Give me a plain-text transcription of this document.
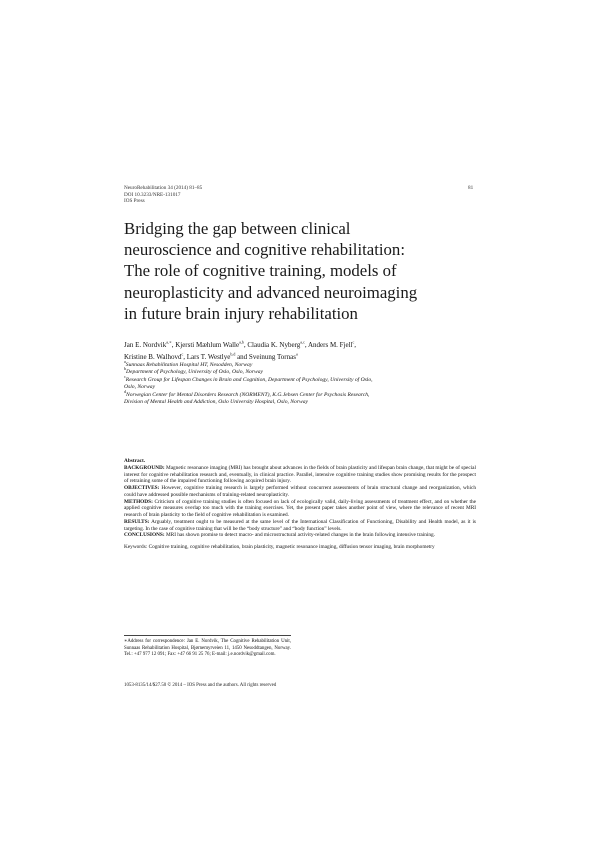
NeuroRehabilitation 34 (2014) 81–85
DOI 10.3233/NRE-131017
IOS Press
81
Bridging the gap between clinical
neuroscience and cognitive rehabilitation:
The role of cognitive training, models of
neuroplasticity and advanced neuroimaging
in future brain injury rehabilitation
Jan E. Nordvik$^{a,∗}$, Kjersti Mæhlum Walle$^{a,b}$, Claudia K. Nyberg$^{a,c}$, Anders M. Fjell$^c$,
Kristine B. Walhovd$^c$, Lars T. Westlye$^{b,d}$ and Sveinung Tornas$^a$
$^a$Sunnaas Rehabilitation Hospital HT, Nesodden, Norway
$^b$Department of Psychology, University of Oslo, Oslo, Norway
$^c$Research Group for Lifespan Changes in Brain and Cognition, Department of Psychology, University of Oslo,
Oslo, Norway
$^d$Norwegian Center for Mental Disorders Research (NORMENT), K.G.Jebsen Center for Psychosis Research,
Division of Mental Health and Addiction, Oslo University Hospital, Oslo, Norway

Abstract.

BACKGROUND: Magnetic resonance imaging (MRI) has brought about advances in the fields of brain plasticity and lifespan brain change, that might be of special interest for cognitive rehabilitation research and, eventually, in clinical practice. Parallel, intensive cognitive training studies show promising results for the prospect of retraining some of the impaired functioning following acquired brain injury.

OBJECTIVES: However, cognitive training research is largely performed without concurrent assessments of brain structural change and reorganization, which could have addressed possible mechanisms of training-related neuroplasticity.

METHODS: Criticism of cognitive training studies is often focused on lack of ecologically valid, daily-living assessments of treatment effect, and on whether the applied cognitive measures overlap too much with the training exercises. Yet, the present paper takes another point of view, where the relevance of recent MRI research of brain plasticity to the field of cognitive rehabilitation is examined.

RESULTS: Arguably, treatment ought to be measured at the same level of the International Classification of Functioning, Disability and Health model, as it is targeting. In the case of cognitive training that will be the “body structure” and “body function” levels.

CONCLUSIONS: MRI has shown promise to detect macro- and microstructural activity-related changes in the brain following intensive training.

Keywords: Cognitive training, cognitive rehabilitation, brain plasticity, magnetic resonance imaging, diffusion tensor imaging, brain morphometry

∗Address for correspondence: Jan E. Nordvik, The Cognitive Rehabilitation Unit, Sunnaas Rehabilitation Hospital, Bjørnemyrveien 11, 1450 Nesoddtangen, Norway. Tel.: +47 977 12 091; Fax: +47 66 91 25 76; E-mail: j.e.nordvik@gmail.com.
1053-8135/14/$27.50 © 2014 – IOS Press and the authors. All rights reserved
